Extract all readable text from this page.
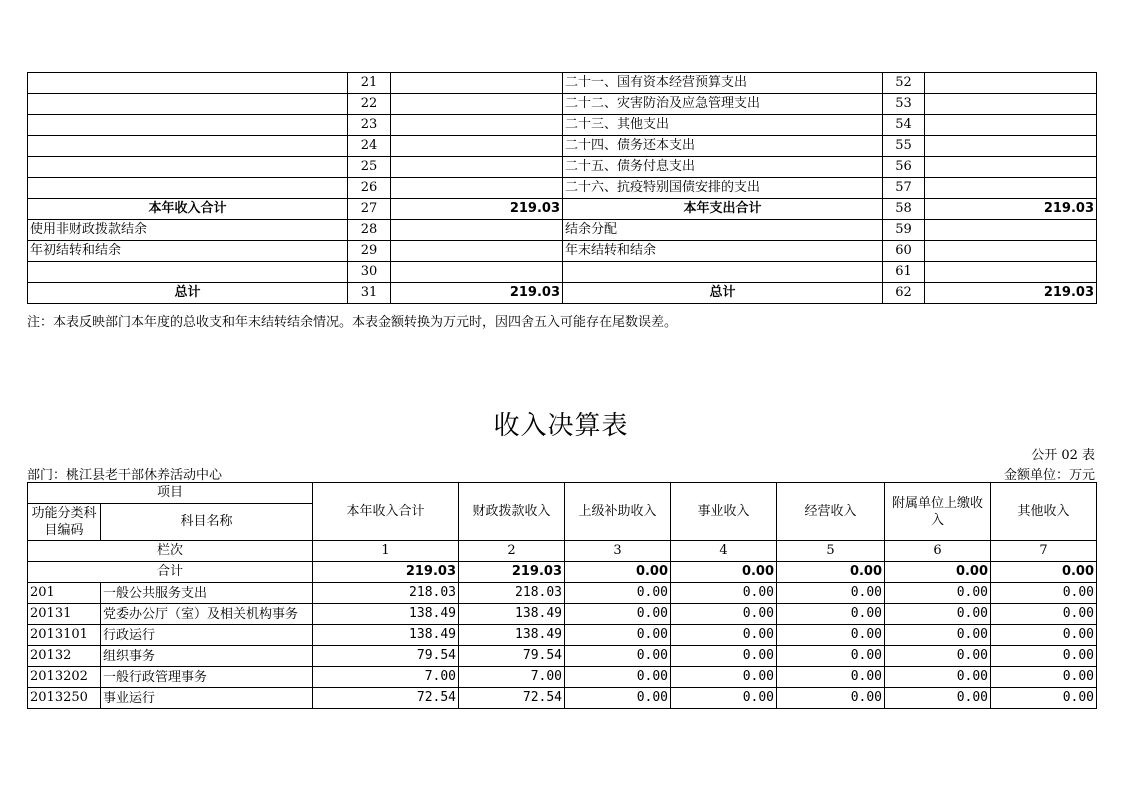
	21		二十一、国有资本经营预算支出	52	
	22		二十二、灾害防治及应急管理支出	53	
	23		二十三、其他支出	54	
	24		二十四、债务还本支出	55	
	25		二十五、债务付息支出	56	
	26		二十六、抗疫特别国债安排的支出	57	
本年收入合计	27	219.03	本年支出合计	58	219.03
使用非财政拨款结余	28		结余分配	59	
年初结转和结余	29		年末结转和结余	60	
	30			61	
总计	31	219.03	总计	62	219.03
注：本表反映部门本年度的总收支和年末结转结余情况。本表金额转换为万元时，因四舍五入可能存在尾数误差。
收入决算表
公开 02 表
部门：桃江县老干部休养活动中心	金额单位：万元
项目		本年收入合计	财政拨款收入	上级补助收入	事业收入	经营收入	附属单位上缴收入	其他收入
功能分类科目编码	科目名称							

栏次		1	2	3	4	5	6	7
合计		219.03	219.03	0.00	0.00	0.00	0.00	0.00
201	一般公共服务支出	218.03	218.03	0.00	0.00	0.00	0.00	0.00
20131	党委办公厅（室）及相关机构事务	138.49	138.49	0.00	0.00	0.00	0.00	0.00
2013101	行政运行	138.49	138.49	0.00	0.00	0.00	0.00	0.00
20132	组织事务	79.54	79.54	0.00	0.00	0.00	0.00	0.00
2013202	一般行政管理事务	7.00	7.00	0.00	0.00	0.00	0.00	0.00
2013250	事业运行	72.54	72.54	0.00	0.00	0.00	0.00	0.00
